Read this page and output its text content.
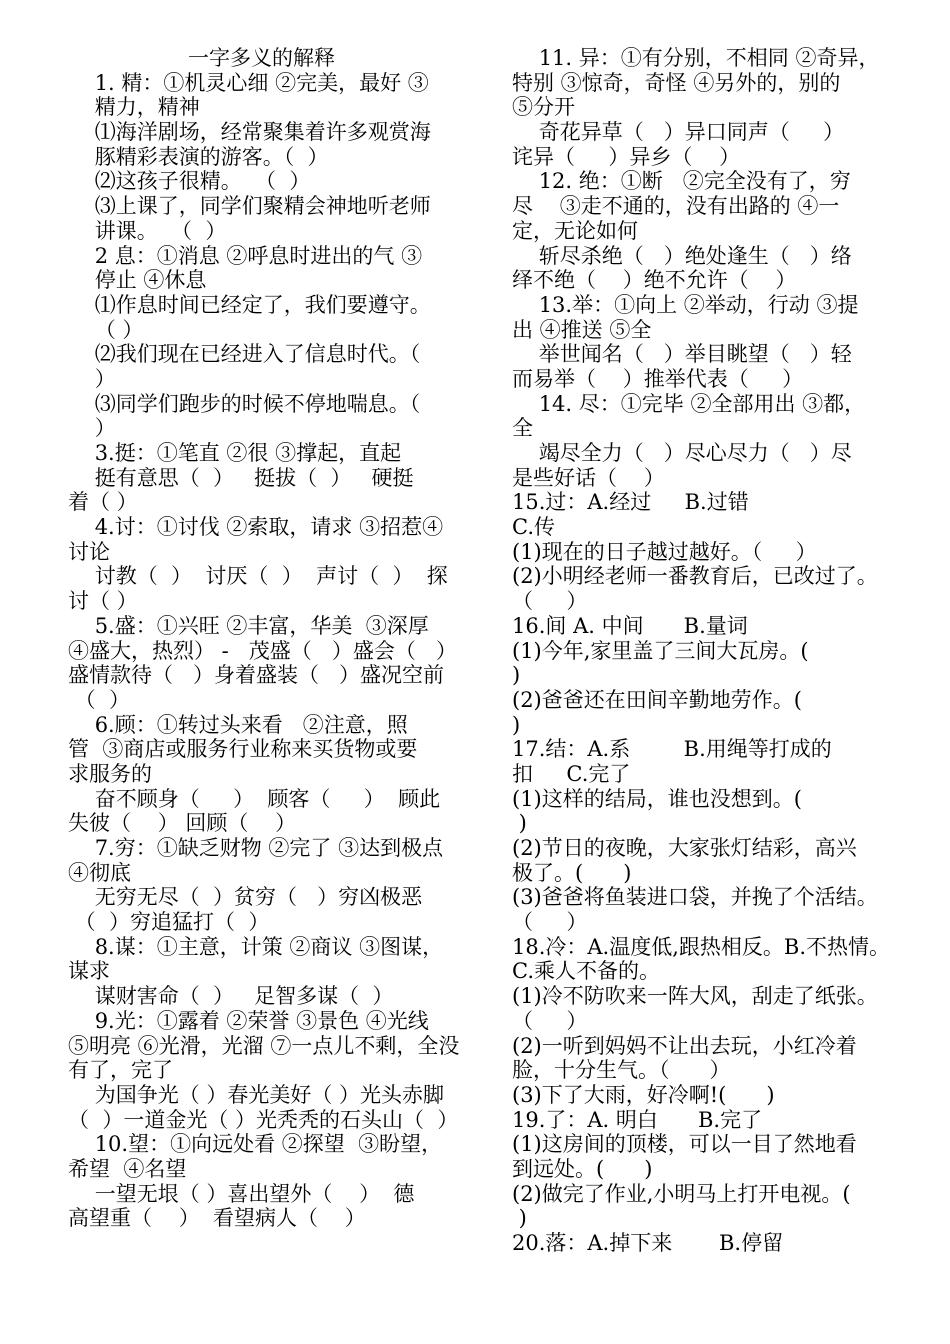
一字多义的解释
1. 精：①机灵心细 ②完美，最好 ③
精力，精神
⑴海洋剧场，经常聚集着许多观赏海
豚精彩表演的游客。（  ）
⑵这孩子很精。  （  ）
⑶上课了，同学们聚精会神地听老师
讲课。  （  ）
2 息：①消息 ②呼息时进出的气 ③
停止 ④休息
⑴作息时间已经定了，我们要遵守。
（ ）
⑵我们现在已经进入了信息时代。（
）
⑶同学们跑步的时候不停地喘息。（
）
3.挺：①笔直 ②很 ③撑起，直起
挺有意思（  ）   挺拔（  ）   硬挺
着（ ）
4.讨：①讨伐 ②索取，请求 ③招惹④
讨论
讨教（  ）  讨厌（  ）  声讨（  ）  探
讨（ ）
5.盛：①兴旺 ②丰富，华美  ③深厚
④盛大，热烈） -   茂盛（   ）盛会（   ）
盛情款待（   ）身着盛装（   ）盛况空前
（  ）
6.顾：①转过头来看   ②注意，照
管  ③商店或服务行业称来买货物或要
求服务的
奋不顾身（     ）  顾客（     ）  顾此
失彼（    ） 回顾（    ）
7.穷：①缺乏财物 ②完了 ③达到极点
④彻底
无穷无尽（  ）贫穷（   ）穷凶极恶
（  ）穷追猛打（  ）
8.谋：①主意，计策 ②商议 ③图谋，
谋求
谋财害命（  ）   足智多谋（  ）
9.光：①露着 ②荣誉 ③景色 ④光线
⑤明亮 ⑥光滑，光溜 ⑦一点儿不剩，全没
有了，完了
为国争光（ ）春光美好（ ）光头赤脚
（  ）一道金光（ ）光秃秃的石头山（  ）
10.望：①向远处看 ②探望  ③盼望，
希望  ④名望
一望无垠（ ）喜出望外（    ）  德
高望重（    ）  看望病人（    ）
11. 异：①有分别，不相同 ②奇异，
特别 ③惊奇，奇怪 ④另外的，别的
⑤分开
奇花异草（   ）异口同声（     ）
诧异（     ）异乡（    ）
12. 绝：①断   ②完全没有了，穷
尽    ③走不通的，没有出路的 ④一
定，无论如何
斩尽杀绝（   ）绝处逢生（   ）络
绎不绝（    ）绝不允许（    ）
13.举：①向上 ②举动，行动 ③提
出 ④推送 ⑤全
举世闻名（   ）举目眺望（   ）轻
而易举（    ）推举代表（     ）
14. 尽：①完毕 ②全部用出 ③都，
全
竭尽全力（   ）尽心尽力（   ）尽
是些好话（    ）
15.过：A.经过     B.过错
C.传
(1)现在的日子越过越好。（     ）
(2)小明经老师一番教育后，已改过了。
（     ）
16.间 A. 中间      B.量词
(1)今年,家里盖了三间大瓦房。(
)
(2)爸爸还在田间辛勤地劳作。(
)
17.结：A.系        B.用绳等打成的
扣     C.完了
(1)这样的结局，谁也没想到。(
)
(2)节日的夜晚，大家张灯结彩，高兴
极了。(      )
(3)爸爸将鱼装进口袋，并挽了个活结。
（     ）
18.冷：A.温度低,跟热相反。B.不热情。
C.乘人不备的。
(1)冷不防吹来一阵大风，刮走了纸张。
（     ）
(2)一听到妈妈不让出去玩，小红冷着
脸，十分生气。（      ）
(3)下了大雨，好冷啊!(      )
19.了：A. 明白      B.完了
(1)这房间的顶楼，可以一目了然地看
到远处。(      )
(2)做完了作业,小明马上打开电视。(
)
20.落：A.掉下来       B.停留
